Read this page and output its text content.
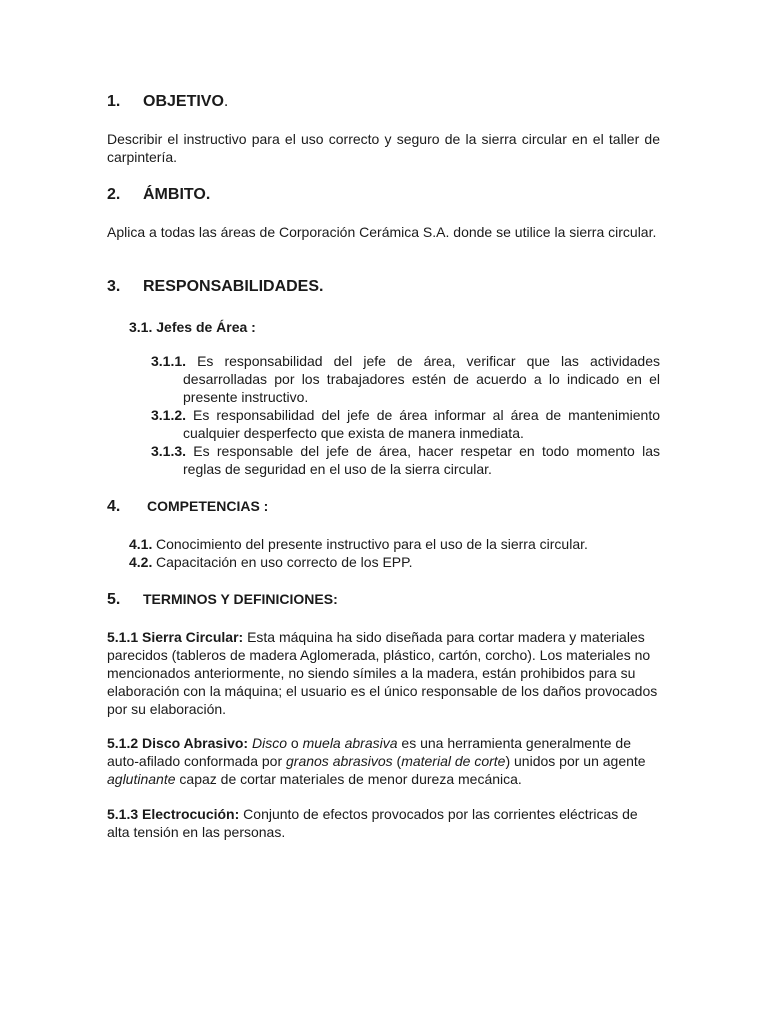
1. OBJETIVO.
Describir el instructivo para el uso correcto y seguro de la sierra circular en el taller de carpintería.
2. ÁMBITO.
Aplica a todas las áreas de Corporación Cerámica S.A. donde se utilice la sierra circular.
3. RESPONSABILIDADES.
3.1. Jefes de Área :
3.1.1. Es responsabilidad del jefe de área, verificar que las actividades desarrolladas por los trabajadores estén de acuerdo a lo indicado en el presente instructivo.
3.1.2. Es responsabilidad del jefe de área informar al área de mantenimiento cualquier desperfecto que exista de manera inmediata.
3.1.3. Es responsable del jefe de área, hacer respetar en todo momento las reglas de seguridad en el uso de la sierra circular.
4. COMPETENCIAS :
4.1. Conocimiento del presente instructivo para el uso de la sierra circular.
4.2. Capacitación en uso correcto de los EPP.
5. TERMINOS Y DEFINICIONES:
5.1.1 Sierra Circular: Esta máquina ha sido diseñada para cortar madera y materiales parecidos (tableros de madera Aglomerada, plástico, cartón, corcho). Los materiales no mencionados anteriormente, no siendo símiles a la madera, están prohibidos para su elaboración con la máquina; el usuario es el único responsable de los daños provocados por su elaboración.
5.1.2 Disco Abrasivo: Disco o muela abrasiva es una herramienta generalmente de auto-afilado conformada por granos abrasivos (material de corte) unidos por un agente aglutinante capaz de cortar materiales de menor dureza mecánica.
5.1.3 Electrocución: Conjunto de efectos provocados por las corrientes eléctricas de alta tensión en las personas.
